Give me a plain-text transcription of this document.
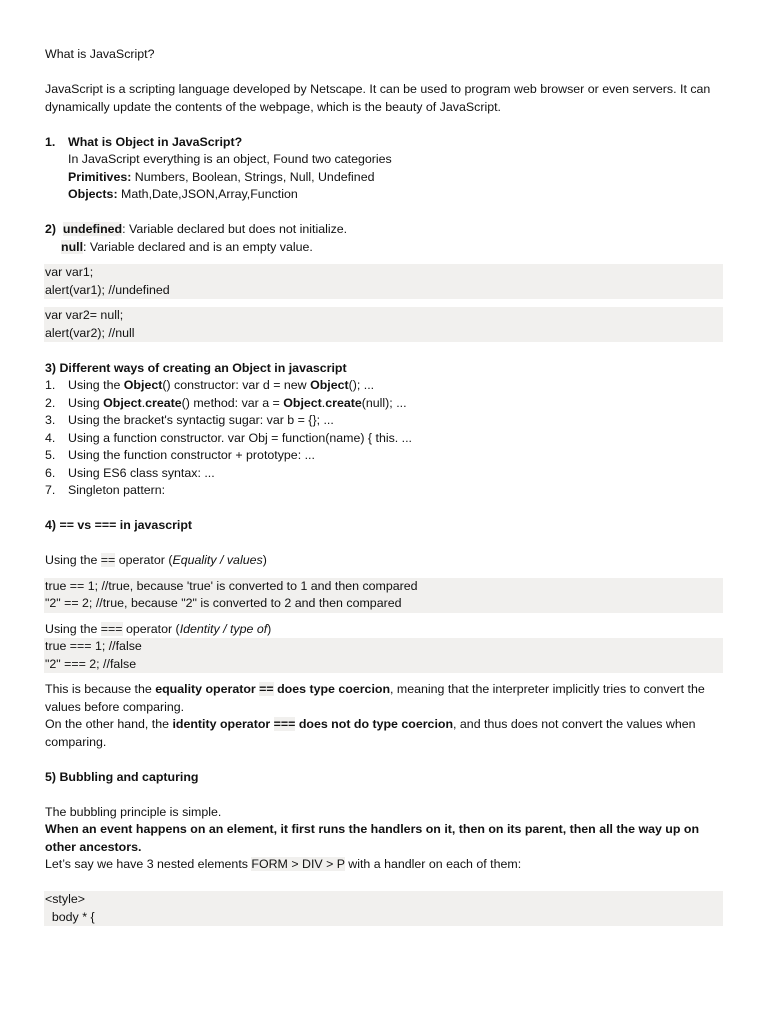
What is JavaScript?

JavaScript is a scripting language developed by Netscape. It can be used to program web browser or even servers. It can

dynamically update the contents of the webpage, which is the beauty of JavaScript.

1. What is Object in JavaScript?

In JavaScript everything is an object, Found two categories

Primitives: Numbers, Boolean, Strings, Null, Undefined

Objects: Math,Date,JSON,Array,Function

2) undefined: Variable declared but does not initialize.

null: Variable declared and is an empty value.

var var1;

alert(var1); //undefined

var var2= null;

alert(var2); //null

3) Different ways of creating an Object in javascript

1. Using the Object() constructor: var d = new Object(); ...

2. Using Object.create() method: var a = Object.create(null); ...

3. Using the bracket's syntactig sugar: var b = {}; ...

4. Using a function constructor. var Obj = function(name) { this. ...

5. Using the function constructor + prototype: ...

6. Using ES6 class syntax: ...

7. Singleton pattern:

4) == vs === in javascript

Using the == operator (Equality / values)

true == 1; //true, because 'true' is converted to 1 and then compared

"2" == 2; //true, because "2" is converted to 2 and then compared

Using the === operator (Identity / type of)

true === 1; //false

"2" === 2; //false

This is because the equality operator == does type coercion, meaning that the interpreter implicitly tries to convert the

values before comparing.

On the other hand, the identity operator === does not do type coercion, and thus does not convert the values when

comparing.

5) Bubbling and capturing

The bubbling principle is simple.

When an event happens on an element, it first runs the handlers on it, then on its parent, then all the way up on

other ancestors.

Let’s say we have 3 nested elements FORM > DIV > P with a handler on each of them:

<style>

body * {
